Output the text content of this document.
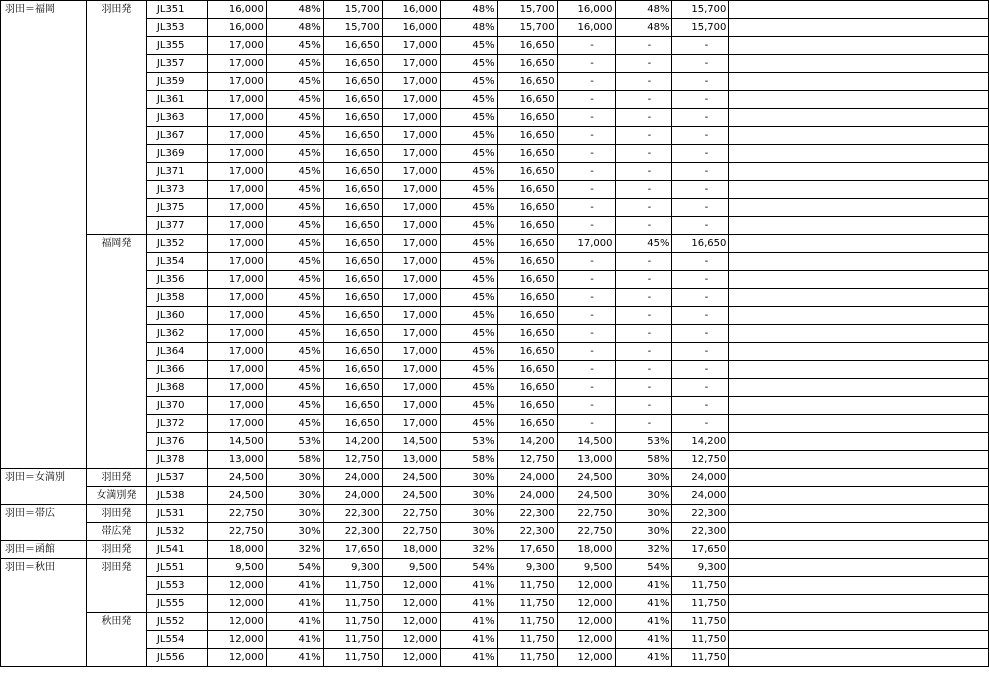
羽田＝福岡	羽田発	JL351	16,000	48%	15,700	16,000	48%	15,700	16,000	48%	15,700	
		JL353	16,000	48%	15,700	16,000	48%	15,700	16,000	48%	15,700	
		JL355	17,000	45%	16,650	17,000	45%	16,650	-	-	-	
		JL357	17,000	45%	16,650	17,000	45%	16,650	-	-	-	
		JL359	17,000	45%	16,650	17,000	45%	16,650	-	-	-	
		JL361	17,000	45%	16,650	17,000	45%	16,650	-	-	-	
		JL363	17,000	45%	16,650	17,000	45%	16,650	-	-	-	
		JL367	17,000	45%	16,650	17,000	45%	16,650	-	-	-	
		JL369	17,000	45%	16,650	17,000	45%	16,650	-	-	-	
		JL371	17,000	45%	16,650	17,000	45%	16,650	-	-	-	
		JL373	17,000	45%	16,650	17,000	45%	16,650	-	-	-	
		JL375	17,000	45%	16,650	17,000	45%	16,650	-	-	-	
		JL377	17,000	45%	16,650	17,000	45%	16,650	-	-	-	
	福岡発	JL352	17,000	45%	16,650	17,000	45%	16,650	17,000	45%	16,650	
		JL354	17,000	45%	16,650	17,000	45%	16,650	-	-	-	
		JL356	17,000	45%	16,650	17,000	45%	16,650	-	-	-	
		JL358	17,000	45%	16,650	17,000	45%	16,650	-	-	-	
		JL360	17,000	45%	16,650	17,000	45%	16,650	-	-	-	
		JL362	17,000	45%	16,650	17,000	45%	16,650	-	-	-	
		JL364	17,000	45%	16,650	17,000	45%	16,650	-	-	-	
		JL366	17,000	45%	16,650	17,000	45%	16,650	-	-	-	
		JL368	17,000	45%	16,650	17,000	45%	16,650	-	-	-	
		JL370	17,000	45%	16,650	17,000	45%	16,650	-	-	-	
		JL372	17,000	45%	16,650	17,000	45%	16,650	-	-	-	
		JL376	14,500	53%	14,200	14,500	53%	14,200	14,500	53%	14,200	
		JL378	13,000	58%	12,750	13,000	58%	12,750	13,000	58%	12,750	
羽田＝女満別	羽田発	JL537	24,500	30%	24,000	24,500	30%	24,000	24,500	30%	24,000	
	女満別発	JL538	24,500	30%	24,000	24,500	30%	24,000	24,500	30%	24,000	
羽田＝帯広	羽田発	JL531	22,750	30%	22,300	22,750	30%	22,300	22,750	30%	22,300	
	帯広発	JL532	22,750	30%	22,300	22,750	30%	22,300	22,750	30%	22,300	
羽田＝函館	羽田発	JL541	18,000	32%	17,650	18,000	32%	17,650	18,000	32%	17,650	
羽田＝秋田	羽田発	JL551	9,500	54%	9,300	9,500	54%	9,300	9,500	54%	9,300	
		JL553	12,000	41%	11,750	12,000	41%	11,750	12,000	41%	11,750	
		JL555	12,000	41%	11,750	12,000	41%	11,750	12,000	41%	11,750	
	秋田発	JL552	12,000	41%	11,750	12,000	41%	11,750	12,000	41%	11,750	
		JL554	12,000	41%	11,750	12,000	41%	11,750	12,000	41%	11,750	
		JL556	12,000	41%	11,750	12,000	41%	11,750	12,000	41%	11,750	
